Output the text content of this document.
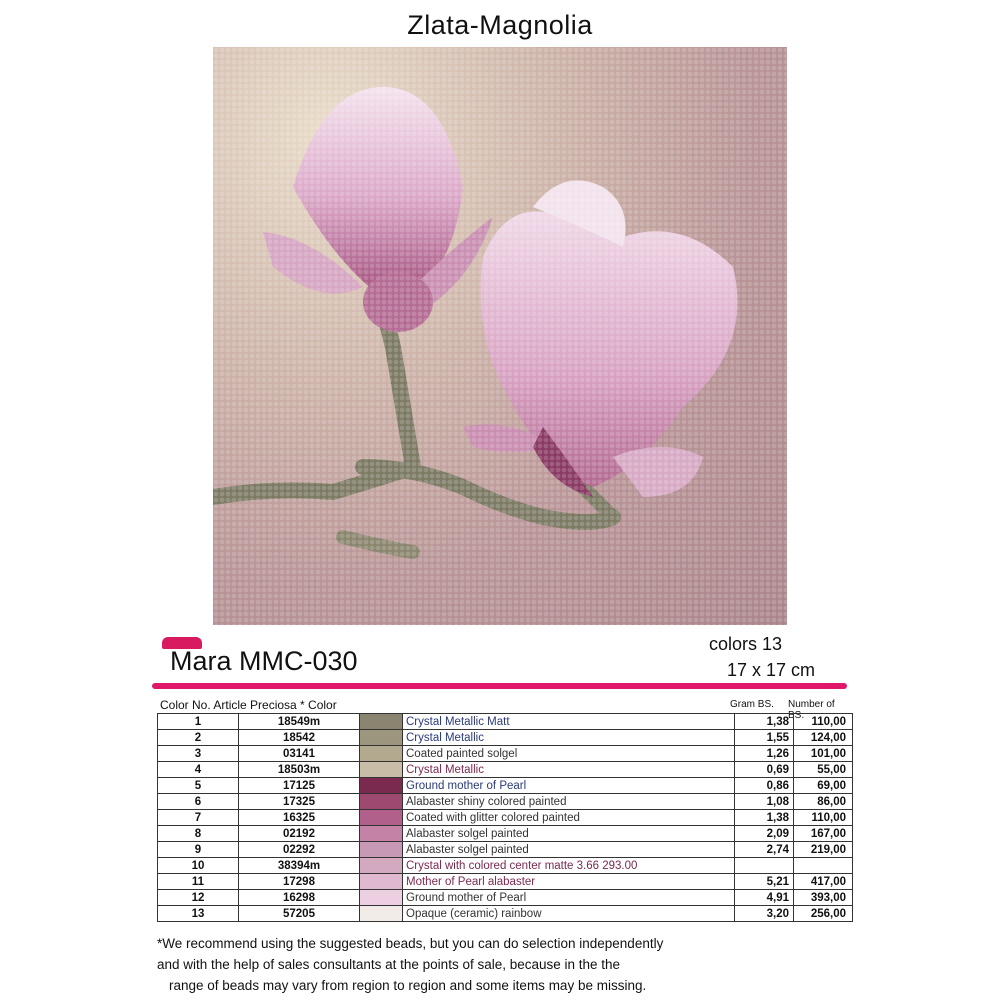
Zlata-Magnolia
Mara MMC-030
colors 13
17 x 17 cm
Color No. Article Preciosa * Color	Gram BS. Number of BS.
1	18549m		Crystal Metallic Matt		1,38	110,00
2	18542		Crystal Metallic		1,55	124,00
3	03141		Coated painted solgel		1,26	101,00
4	18503m		Crystal Metallic		0,69	55,00
5	17125		Ground mother of Pearl		0,86	69,00
6	17325		Alabaster shiny colored painted		1,08	86,00
7	16325		Coated with glitter colored painted		1,38	110,00
8	02192		Alabaster solgel painted		2,09	167,00
9	02292		Alabaster solgel painted		2,74	219,00
10	38394m		Crystal with colored center matte 3.66 293.00			
11	17298		Mother of Pearl alabaster		5,21	417,00
12	16298		Ground mother of Pearl		4,91	393,00
13	57205		Opaque (ceramic) rainbow		3,20	256,00
*We recommend using the suggested beads, but you can do selection independently
and with the help of sales consultants at the points of sale, because in the the
range of beads may vary from region to region and some items may be missing.
